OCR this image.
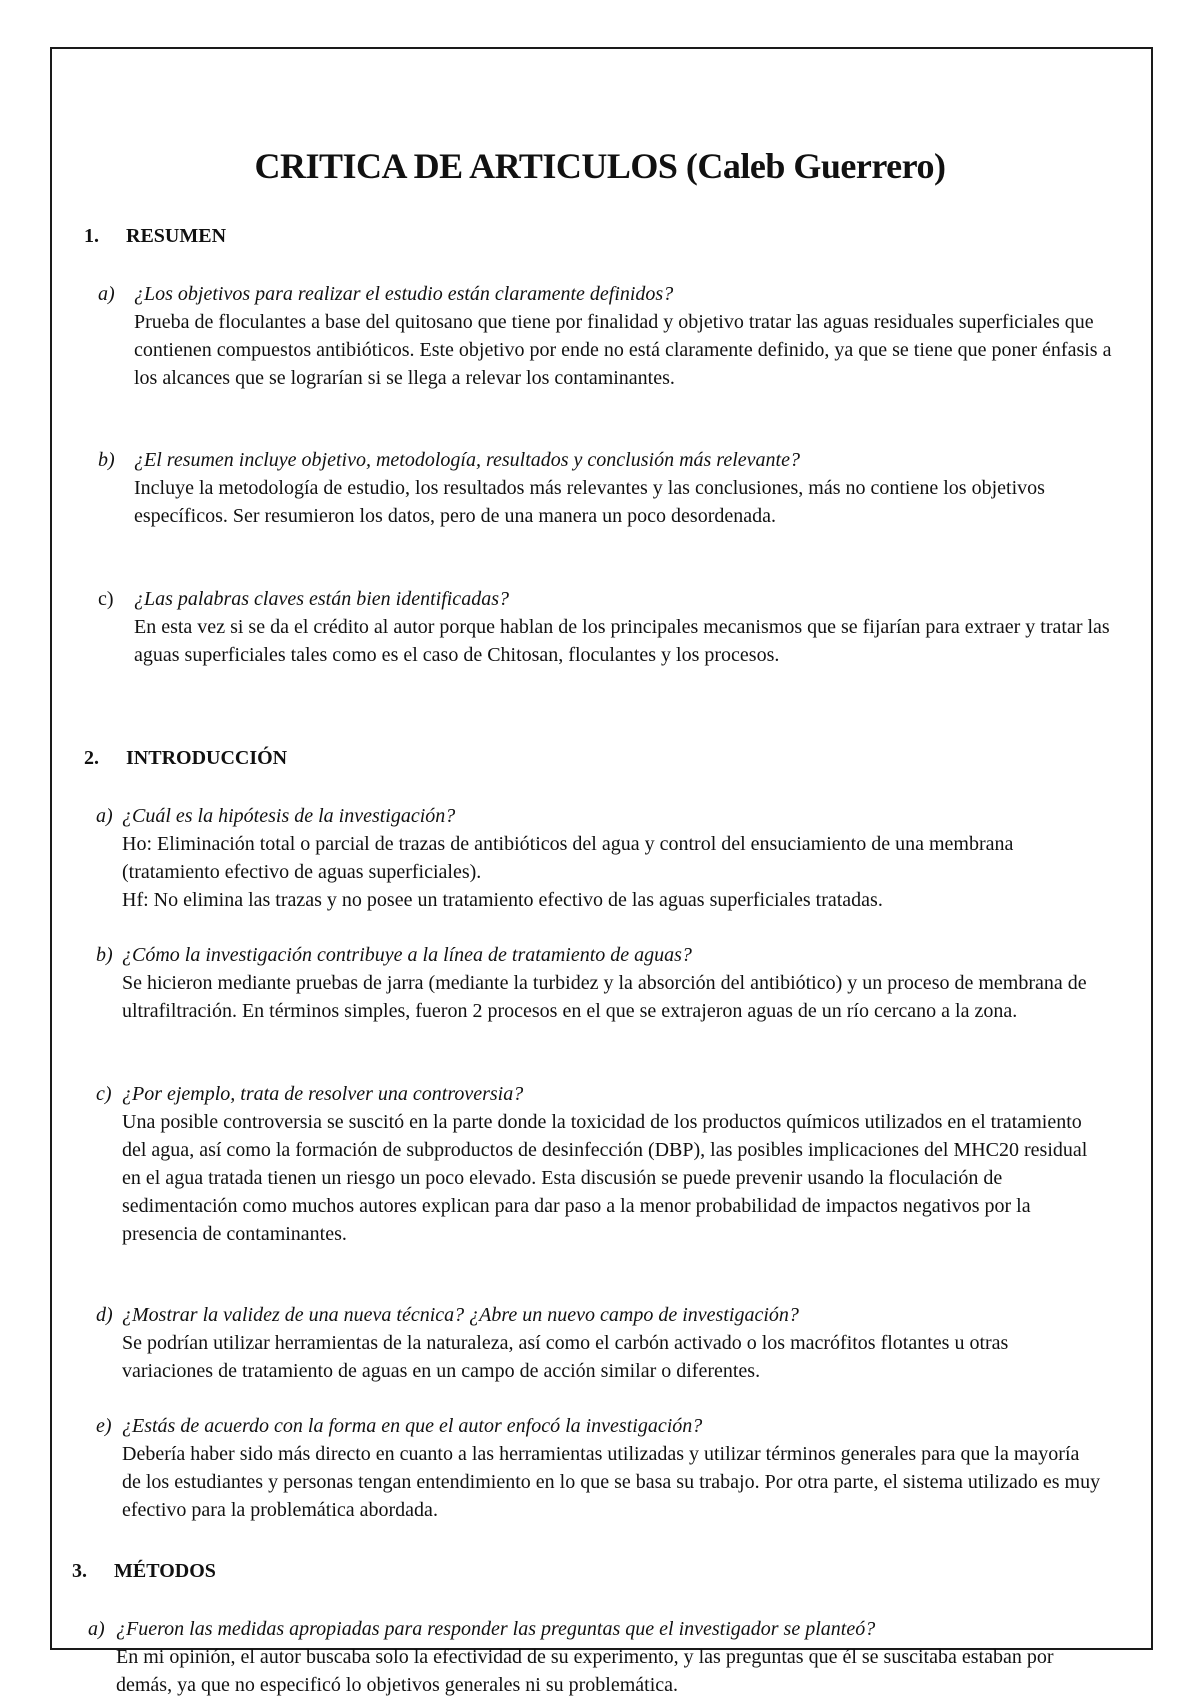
CRITICA DE ARTICULOS (Caleb Guerrero)
1. RESUMEN
a) ¿Los objetivos para realizar el estudio están claramente definidos?
Prueba de floculantes a base del quitosano que tiene por finalidad y objetivo tratar las aguas residuales superficiales que contienen compuestos antibióticos. Este objetivo por ende no está claramente definido, ya que se tiene que poner énfasis a los alcances que se lograrían si se llega a relevar los contaminantes.
b) ¿El resumen incluye objetivo, metodología, resultados y conclusión más relevante?
Incluye la metodología de estudio, los resultados más relevantes y las conclusiones, más no contiene los objetivos específicos. Ser resumieron los datos, pero de una manera un poco desordenada.
c) ¿Las palabras claves están bien identificadas?
En esta vez si se da el crédito al autor porque hablan de los principales mecanismos que se fijarían para extraer y tratar las aguas superficiales tales como es el caso de Chitosan, floculantes y los procesos.
2. INTRODUCCIÓN
a) ¿Cuál es la hipótesis de la investigación?
Ho: Eliminación total o parcial de trazas de antibióticos del agua y control del ensuciamiento de una membrana (tratamiento efectivo de aguas superficiales).
Hf: No elimina las trazas y no posee un tratamiento efectivo de las aguas superficiales tratadas.
b) ¿Cómo la investigación contribuye a la línea de tratamiento de aguas?
Se hicieron mediante pruebas de jarra (mediante la turbidez y la absorción del antibiótico) y un proceso de membrana de ultrafiltración. En términos simples, fueron 2 procesos en el que se extrajeron aguas de un río cercano a la zona.
c) ¿Por ejemplo, trata de resolver una controversia?
Una posible controversia se suscitó en la parte donde la toxicidad de los productos químicos utilizados en el tratamiento del agua, así como la formación de subproductos de desinfección (DBP), las posibles implicaciones del MHC20 residual en el agua tratada tienen un riesgo un poco elevado. Esta discusión se puede prevenir usando la floculación de sedimentación como muchos autores explican para dar paso a la menor probabilidad de impactos negativos por la presencia de contaminantes.
d) ¿Mostrar la validez de una nueva técnica? ¿Abre un nuevo campo de investigación?
Se podrían utilizar herramientas de la naturaleza, así como el carbón activado o los macrófitos flotantes u otras variaciones de tratamiento de aguas en un campo de acción similar o diferentes.
e) ¿Estás de acuerdo con la forma en que el autor enfocó la investigación?
Debería haber sido más directo en cuanto a las herramientas utilizadas y utilizar términos generales para que la mayoría de los estudiantes y personas tengan entendimiento en lo que se basa su trabajo. Por otra parte, el sistema utilizado es muy efectivo para la problemática abordada.
3. MÉTODOS
a) ¿Fueron las medidas apropiadas para responder las preguntas que el investigador se planteó?
En mi opinión, el autor buscaba solo la efectividad de su experimento, y las preguntas que él se suscitaba estaban por demás, ya que no especificó lo objetivos generales ni su problemática.
